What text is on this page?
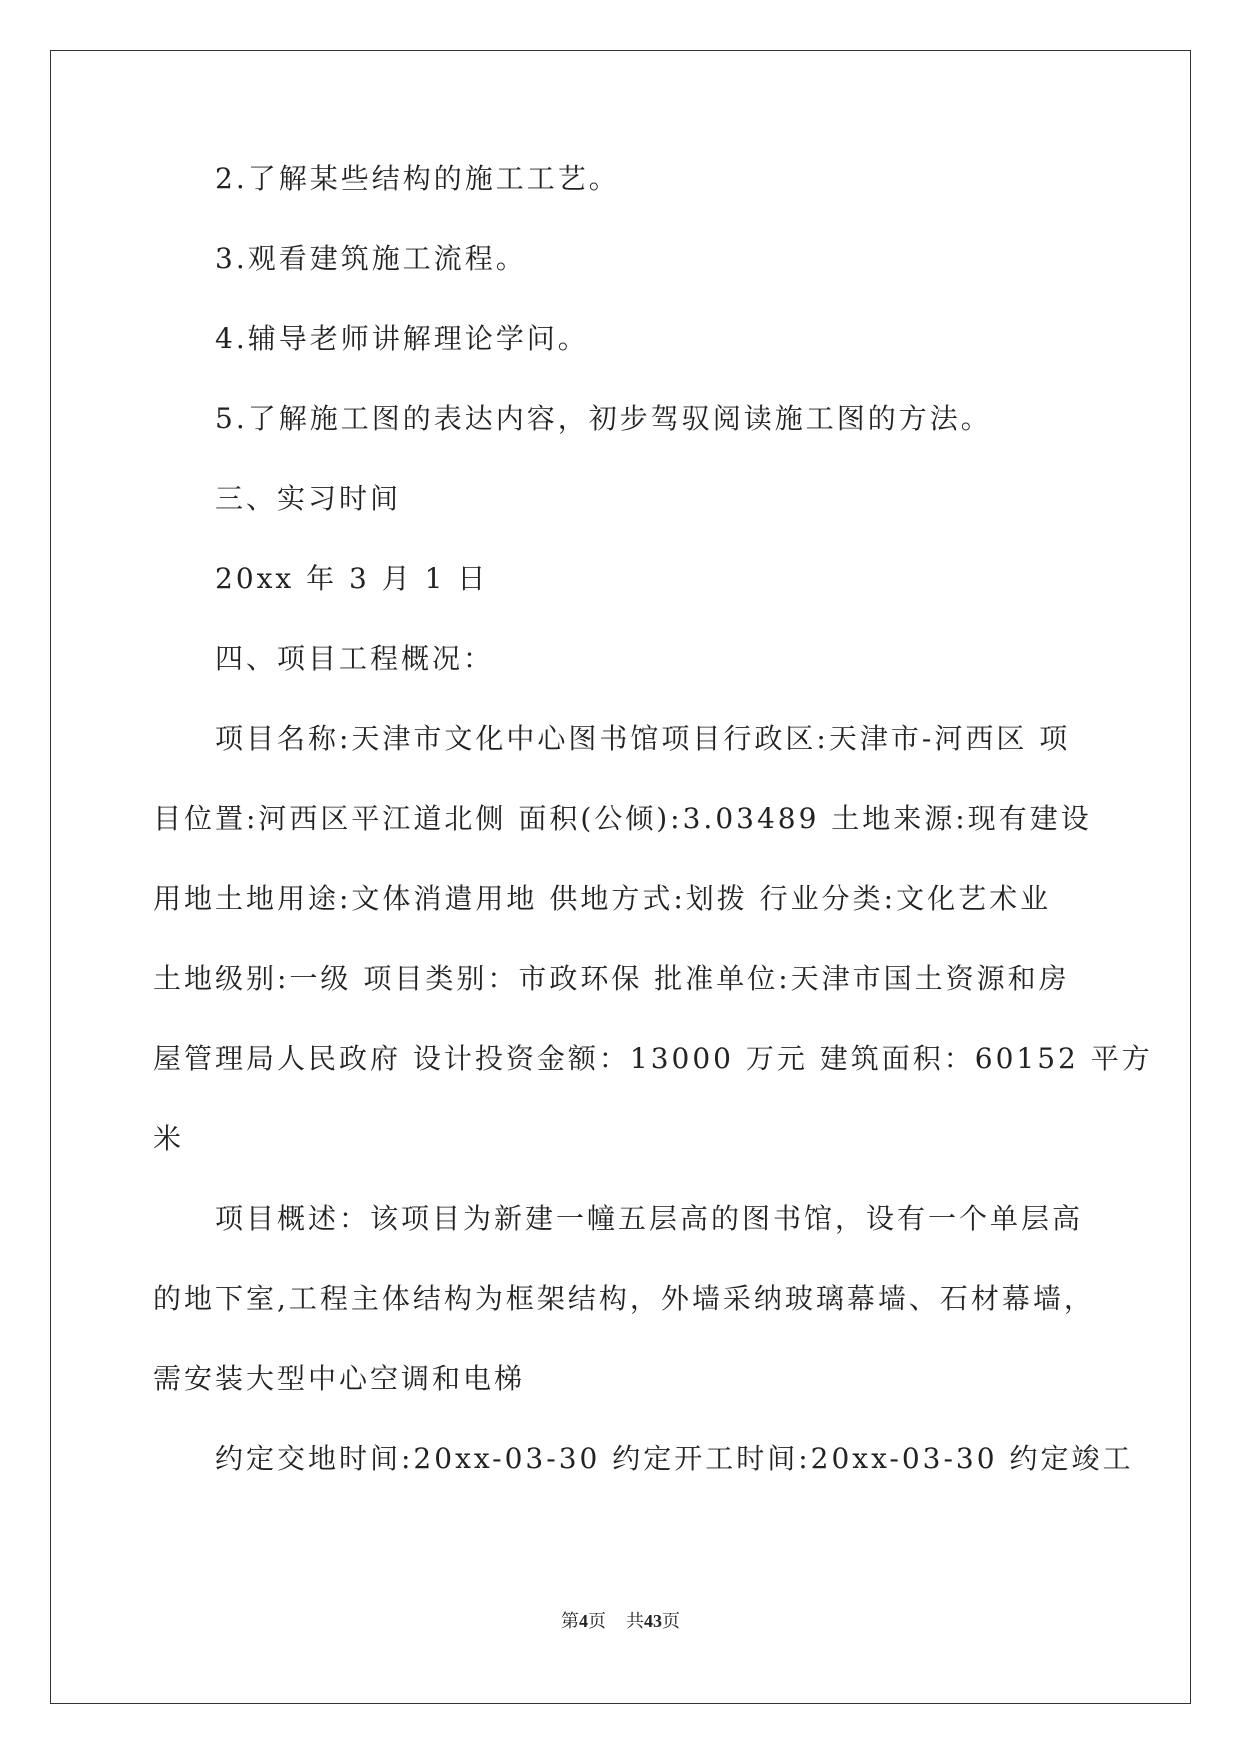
2.了解某些结构的施工工艺。
3.观看建筑施工流程。
4.辅导老师讲解理论学问。
5.了解施工图的表达内容，初步驾驭阅读施工图的方法。
三、实习时间
20xx 年 3 月 1 日
四、项目工程概况：
项目名称:天津市文化中心图书馆项目行政区:天津市-河西区 项
目位置:河西区平江道北侧 面积(公倾):3.03489 土地来源:现有建设
用地土地用途:文体消遣用地 供地方式:划拨 行业分类:文化艺术业
土地级别:一级 项目类别：市政环保 批准单位:天津市国土资源和房
屋管理局人民政府 设计投资金额：13000 万元 建筑面积：60152 平方
米
项目概述：该项目为新建一幢五层高的图书馆，设有一个单层高
的地下室,工程主体结构为框架结构，外墙采纳玻璃幕墙、石材幕墙，
需安装大型中心空调和电梯
约定交地时间:20xx-03-30 约定开工时间:20xx-03-30 约定竣工
第4页 共43页
